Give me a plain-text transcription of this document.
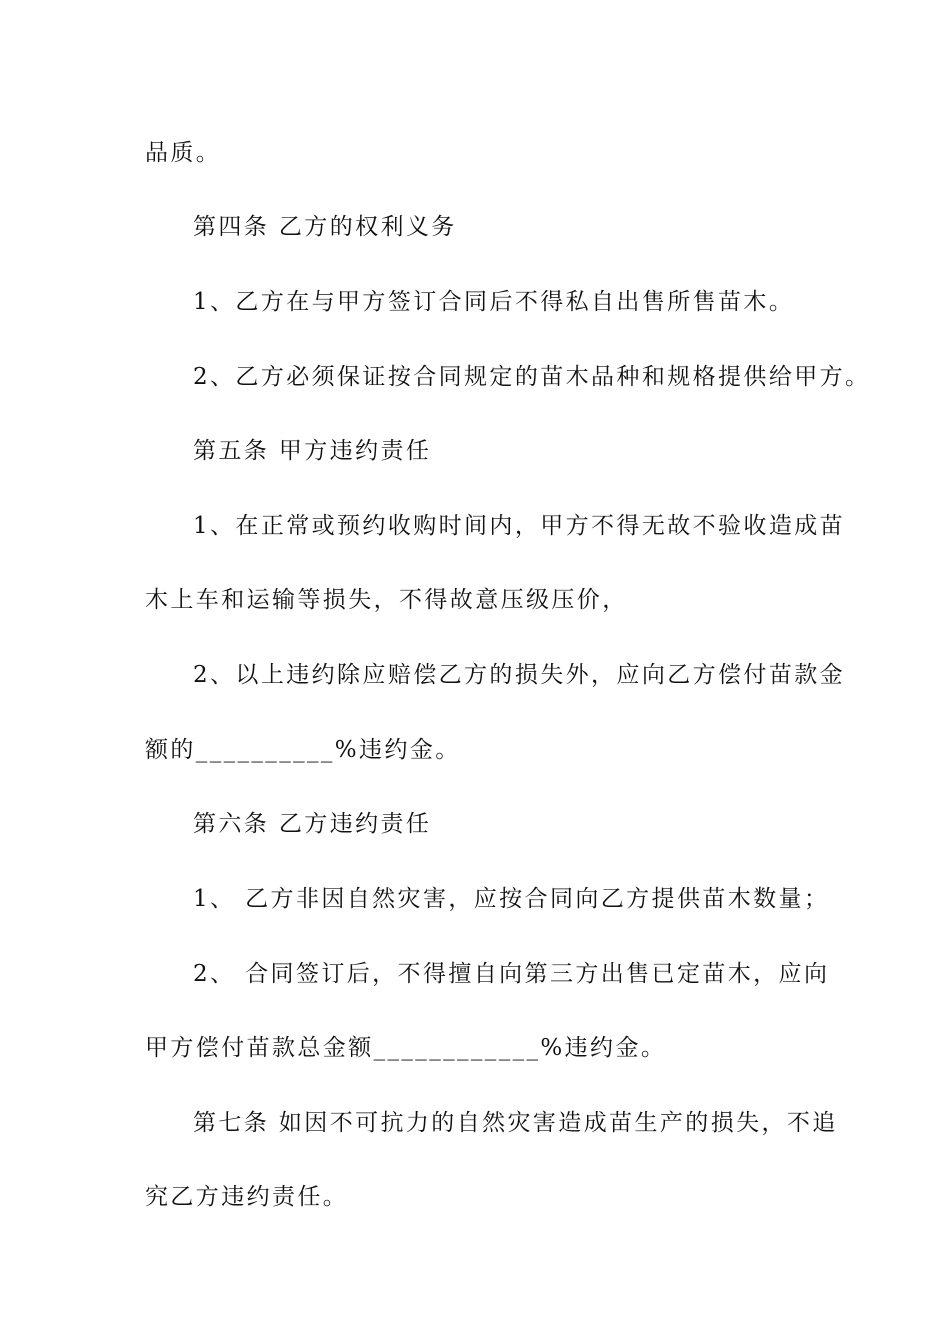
品质。
第四条 乙方的权利义务
1、乙方在与甲方签订合同后不得私自出售所售苗木。
2、乙方必须保证按合同规定的苗木品种和规格提供给甲方。
第五条 甲方违约责任
1、在正常或预约收购时间内，甲方不得无故不验收造成苗
木上车和运输等损失，不得故意压级压价，
2、以上违约除应赔偿乙方的损失外，应向乙方偿付苗款金
额的__________%违约金。
第六条 乙方违约责任
1、 乙方非因自然灾害，应按合同向乙方提供苗木数量；
2、 合同签订后，不得擅自向第三方出售已定苗木，应向
甲方偿付苗款总金额____________%违约金。
第七条 如因不可抗力的自然灾害造成苗生产的损失，不追
究乙方违约责任。
